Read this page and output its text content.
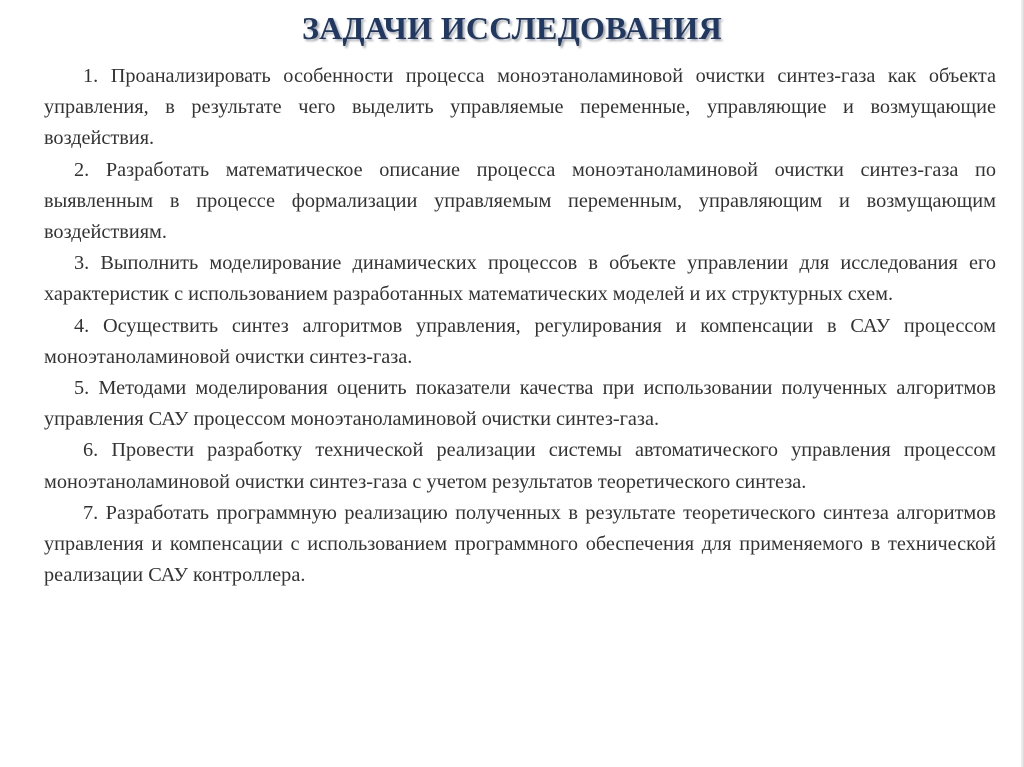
ЗАДАЧИ ИССЛЕДОВАНИЯ

1. Проанализировать особенности процесса моноэтаноламиновой очистки синтез-газа как объекта управления, в результате чего выделить управляемые переменные, управляющие и возмущающие воздействия.

2. Разработать математическое описание процесса моноэтаноламиновой очистки синтез-газа по выявленным в процессе формализации управляемым переменным, управляющим и возмущающим воздействиям.

3. Выполнить моделирование динамических процессов в объекте управлении для исследования его характеристик с использованием разработанных математических моделей и их структурных схем.

4. Осуществить синтез алгоритмов управления, регулирования и компенсации в САУ процессом моноэтаноламиновой очистки синтез-газа.

5. Методами моделирования оценить показатели качества при использовании полученных алгоритмов управления САУ процессом моноэтаноламиновой очистки синтез-газа.

6. Провести разработку технической реализации системы автоматического управления процессом моноэтаноламиновой очистки синтез-газа с учетом результатов теоретического синтеза.

7. Разработать программную реализацию полученных в результате теоретического синтеза алгоритмов управления и компенсации с использованием программного обеспечения для применяемого в технической реализации САУ контроллера.
